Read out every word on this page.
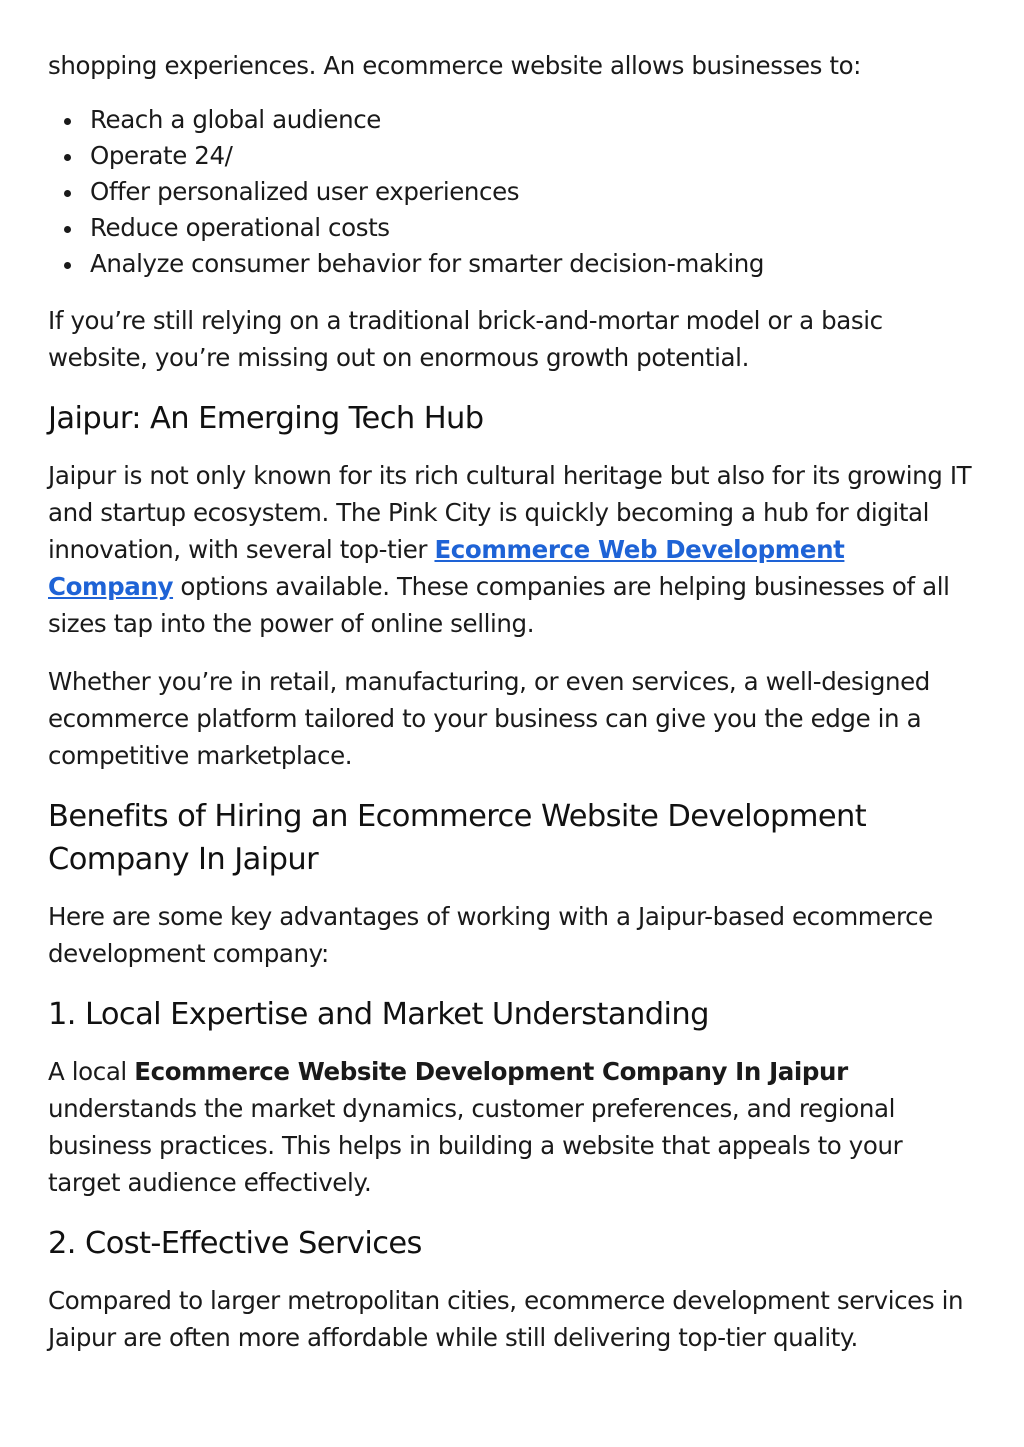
shopping experiences. An ecommerce website allows businesses to:

Reach a global audience
Operate 24/
Offer personalized user experiences
Reduce operational costs
Analyze consumer behavior for smarter decision-making

If you’re still relying on a traditional brick-and-mortar model or a basic website, you’re missing out on enormous growth potential.

Jaipur: An Emerging Tech Hub

Jaipur is not only known for its rich cultural heritage but also for its growing IT and startup ecosystem. The Pink City is quickly becoming a hub for digital innovation, with several top-tier Ecommerce Web Development Company options available. These companies are helping businesses of all sizes tap into the power of online selling.

Whether you’re in retail, manufacturing, or even services, a well-designed ecommerce platform tailored to your business can give you the edge in a competitive marketplace.

Benefits of Hiring an Ecommerce Website Development Company In Jaipur

Here are some key advantages of working with a Jaipur-based ecommerce development company:

1. Local Expertise and Market Understanding

A local Ecommerce Website Development Company In Jaipur understands the market dynamics, customer preferences, and regional business practices. This helps in building a website that appeals to your target audience effectively.

2. Cost-Effective Services

Compared to larger metropolitan cities, ecommerce development services in Jaipur are often more affordable while still delivering top-tier quality.
